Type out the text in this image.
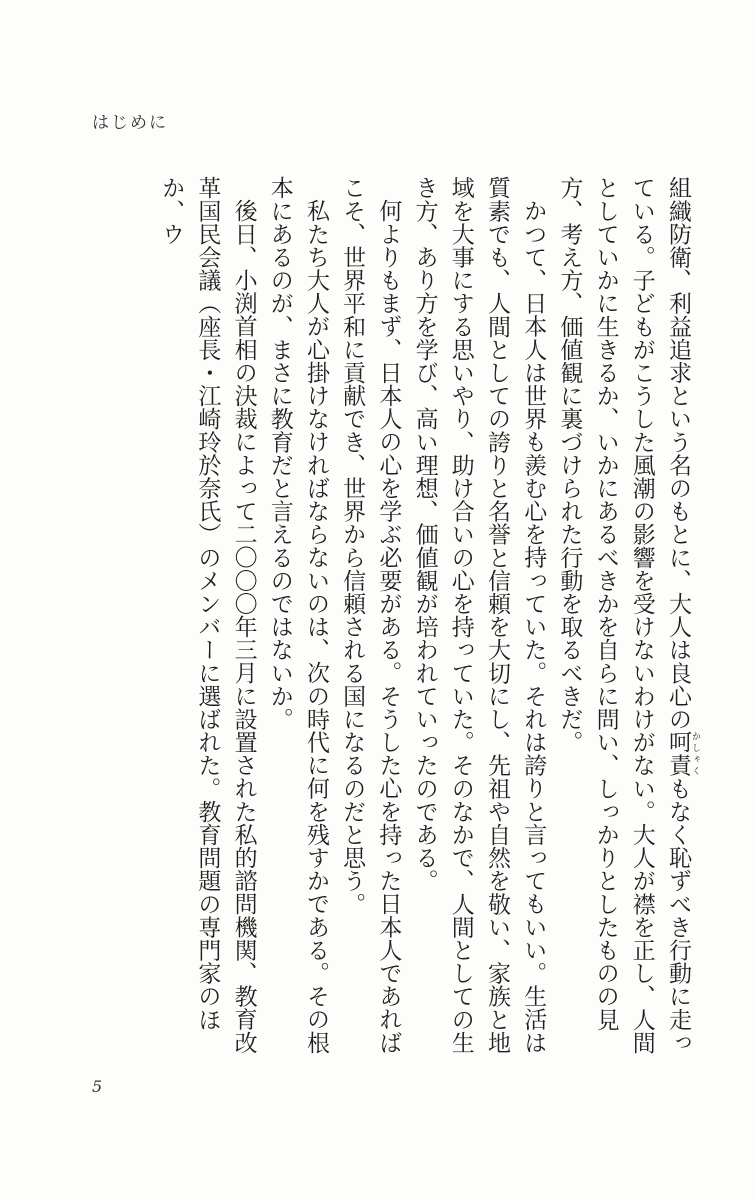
はじめに

組織防衛、利益追求という名のもとに、大人は良心の呵責 かしゃくもなく恥ずべき行動に走っている。子どもがこうした風潮の影響を受けないわけがない。大人が襟を正し、人間としていかに生きるか、いかにあるべきかを自らに問い、しっかりとしたものの見方、考え方、価値観に裏づけられた行動を取るべきだ。

かつて、日本人は世界も羨む心を持っていた。それは誇りと言ってもいい。生活は質素でも、人間としての誇りと名誉と信頼を大切にし、先祖や自然を敬い、家族と地域を大事にする思いやり、助け合いの心を持っていた。そのなかで、人間としての生き方、あり方を学び、高い理想、価値観が培われていったのである。

何よりもまず、日本人の心を学ぶ必要がある。そうした心を持った日本人であればこそ、世界平和に貢献でき、世界から信頼される国になるのだと思う。

私たち大人が心掛けなければならないのは、次の時代に何を残すかである。その根本にあるのが、まさに教育だと言えるのではないか。

後日、小渕首相の決裁によって二〇〇〇年三月に設置された私的諮問機関、教育改革国民会議（座長・江崎玲於奈氏）のメンバーに選ばれた。教育問題の専門家のほか、ウ

5
